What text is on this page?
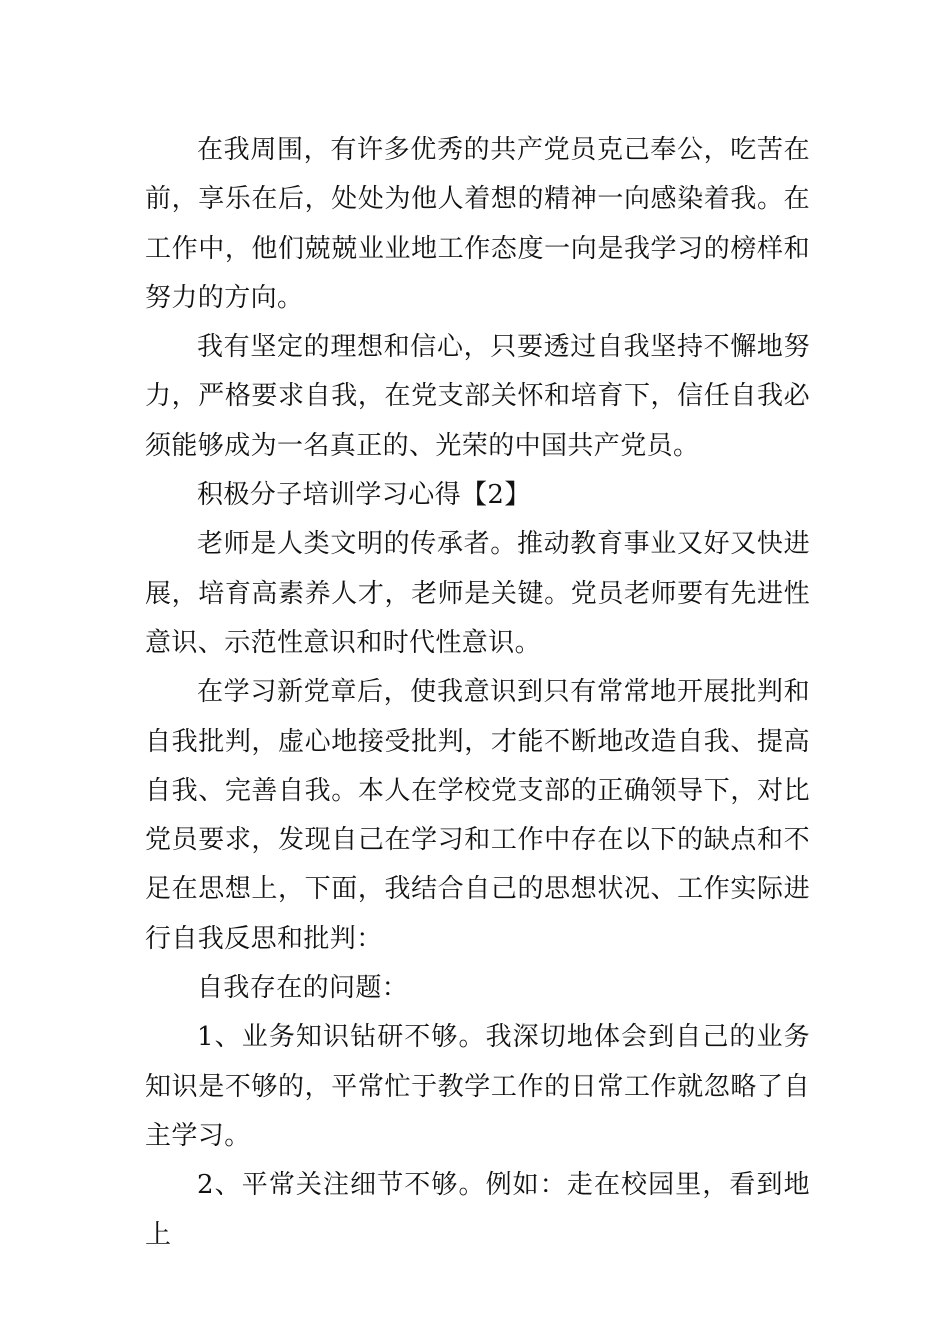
在我周围，有许多优秀的共产党员克己奉公，吃苦在前，享乐在后，处处为他人着想的精神一向感染着我。在工作中，他们兢兢业业地工作态度一向是我学习的榜样和努力的方向。

我有坚定的理想和信心，只要透过自我坚持不懈地努力，严格要求自我，在党支部关怀和培育下，信任自我必须能够成为一名真正的、光荣的中国共产党员。

积极分子培训学习心得【2】

老师是人类文明的传承者。推动教育事业又好又快进展，培育高素养人才，老师是关键。党员老师要有先进性意识、示范性意识和时代性意识。

在学习新党章后，使我意识到只有常常地开展批判和自我批判，虚心地接受批判，才能不断地改造自我、提高自我、完善自我。本人在学校党支部的正确领导下，对比党员要求，发现自己在学习和工作中存在以下的缺点和不足在思想上，下面，我结合自己的思想状况、工作实际进行自我反思和批判：

自我存在的问题：

1、业务知识钻研不够。我深切地体会到自己的业务知识是不够的，平常忙于教学工作的日常工作就忽略了自主学习。

2、平常关注细节不够。例如：走在校园里，看到地上
